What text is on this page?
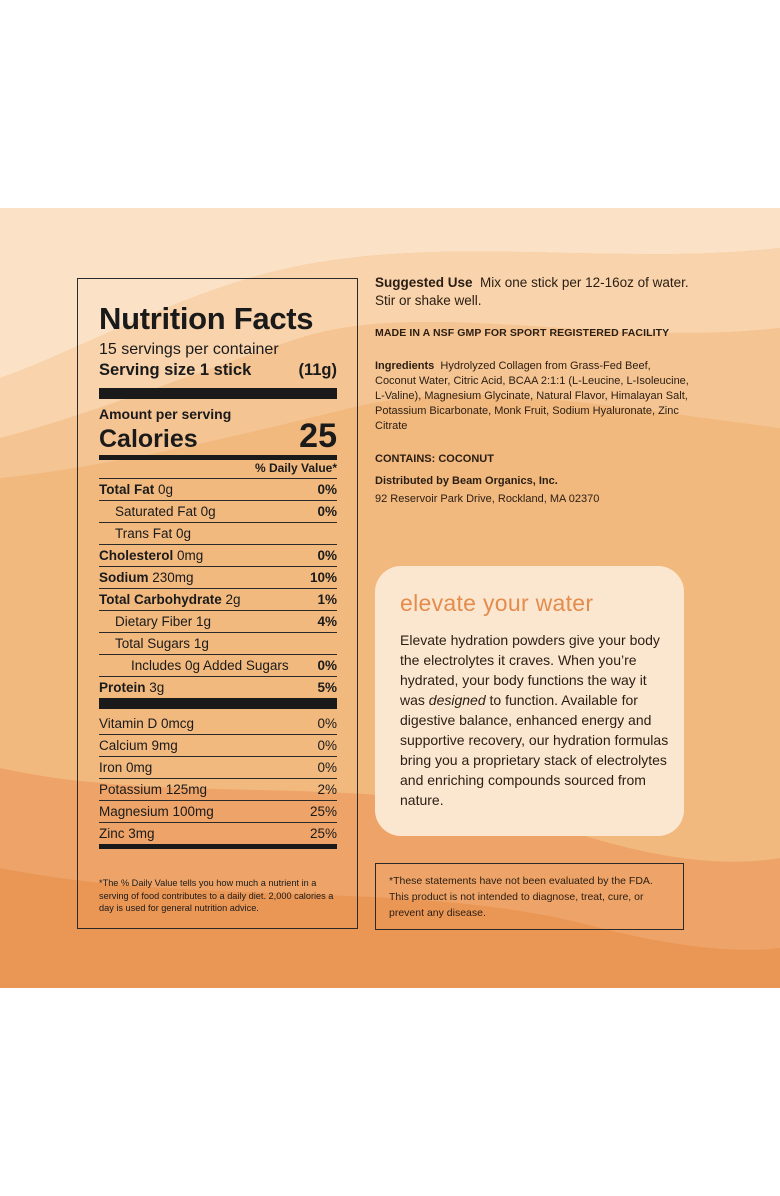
Nutrition Facts
15 servings per container
Serving size 1 stick	(11g)
Amount per serving
Calories	25
% Daily Value*
Total Fat 0g	0%
Saturated Fat 0g	0%
Trans Fat 0g
Cholesterol 0mg	0%
Sodium 230mg	10%
Total Carbohydrate 2g	1%
Dietary Fiber 1g	4%
Total Sugars 1g
Includes 0g Added Sugars 0%
Protein 3g	5%
Vitamin D 0mcg	0%
Calcium 9mg	0%
Iron 0mg	0%
Potassium 125mg	2%
Magnesium 100mg	25%
Zinc 3mg	25%
*The % Daily Value tells you how much a nutrient in a serving of food contributes to a daily diet. 2,000 calories a day is used for general nutrition advice.
Suggested Use Mix one stick per 12-16oz of water. Stir or shake well.
MADE IN A NSF GMP FOR SPORT REGISTERED FACILITY
Ingredients Hydrolyzed Collagen from Grass-Fed Beef, Coconut Water, Citric Acid, BCAA 2:1:1 (L-Leucine, L-Isoleucine, L-Valine), Magnesium Glycinate, Natural Flavor, Himalayan Salt, Potassium Bicarbonate, Monk Fruit, Sodium Hyaluronate, Zinc Citrate
CONTAINS: COCONUT
Distributed by Beam Organics, Inc.
92 Reservoir Park Drive, Rockland, MA 02370
elevate your water
Elevate hydration powders give your body the electrolytes it craves. When you’re hydrated, your body functions the way it was designed to function. Available for digestive balance, enhanced energy and supportive recovery, our hydration formulas bring you a proprietary stack of electrolytes and enriching compounds sourced from nature.
*These statements have not been evaluated by the FDA. This product is not intended to diagnose, treat, cure, or prevent any disease.
